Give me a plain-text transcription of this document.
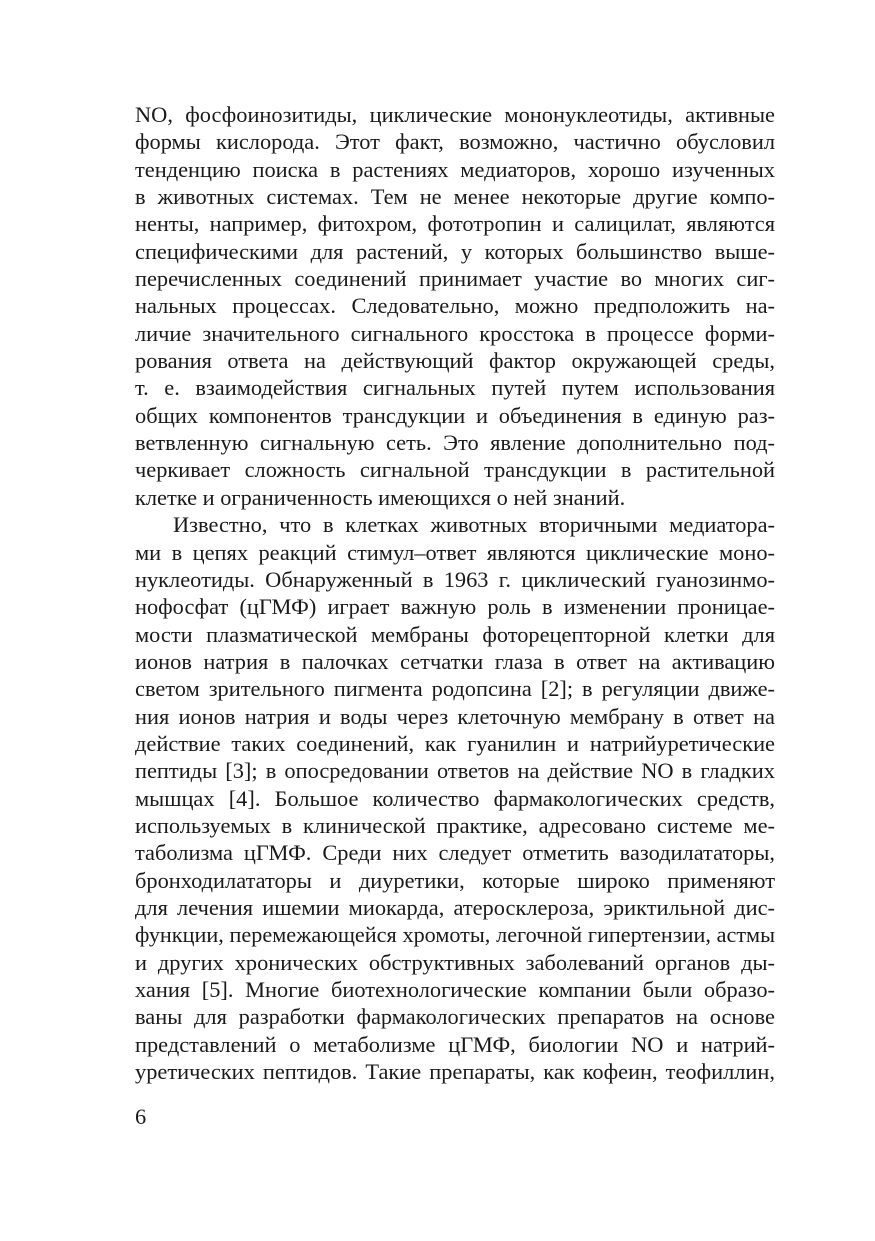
NO, фосфоинозитиды, циклические мононуклеотиды, активные
формы кислорода. Этот факт, возможно, частично обусловил
тенденцию поиска в растениях медиаторов, хорошо изученных
в животных системах. Тем не менее некоторые другие компо-
ненты, например, фитохром, фототропин и салицилат, являются
специфическими для растений, у которых большинство выше-
перечисленных соединений принимает участие во многих сиг-
нальных процессах. Следовательно, можно предположить на-
личие значительного сигнального кросстока в процессе форми-
рования ответа на действующий фактор окружающей среды,
т. е. взаимодействия сигнальных путей путем использования
общих компонентов трансдукции и объединения в единую раз-
ветвленную сигнальную сеть. Это явление дополнительно под-
черкивает сложность сигнальной трансдукции в растительной
клетке и ограниченность имеющихся о ней знаний.
Известно, что в клетках животных вторичными медиатора-
ми в цепях реакций стимул–ответ являются циклические моно-
нуклеотиды. Обнаруженный в 1963 г. циклический гуанозинмо-
нофосфат (цГМФ) играет важную роль в изменении проницае-
мости плазматической мембраны фоторецепторной клетки для
ионов натрия в палочках сетчатки глаза в ответ на активацию
светом зрительного пигмента родопсина [2]; в регуляции движе-
ния ионов натрия и воды через клеточную мембрану в ответ на
действие таких соединений, как гуанилин и натрийуретические
пептиды [3]; в опосредовании ответов на действие NO в гладких
мышцах [4]. Большое количество фармакологических средств,
используемых в клинической практике, адресовано системе ме-
таболизма цГМФ. Среди них следует отметить вазодилататоры,
бронходилататоры и диуретики, которые широко применяют
для лечения ишемии миокарда, атеросклероза, эриктильной дис-
функции, перемежающейся хромоты, легочной гипертензии, астмы
и других хронических обструктивных заболеваний органов ды-
хания [5]. Многие биотехнологические компании были образо-
ваны для разработки фармакологических препаратов на основе
представлений о метаболизме цГМФ, биологии NO и натрий-
уретических пептидов. Такие препараты, как кофеин, теофиллин,
6
